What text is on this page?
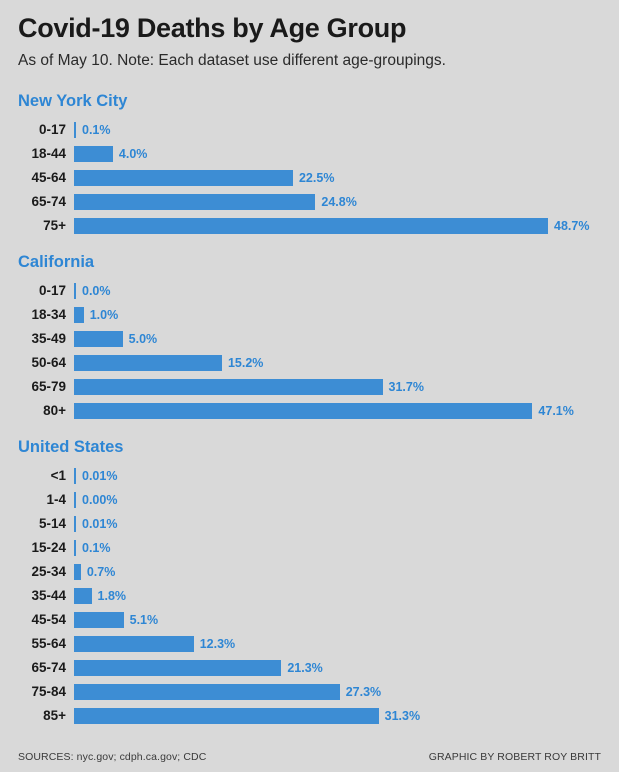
Covid-19 Deaths by Age Group

As of May 10. Note: Each dataset use different age-groupings.

New York City
0-17	0.1%
18-44	4.0%
45-64	22.5%
65-74	24.8%
75+	48.7%
California
0-17	0.0%
18-34	1.0%
35-49	5.0%
50-64	15.2%
65-79	31.7%
80+	47.1%
United States
<1	0.01%
1-4	0.00%
5-14	0.01%
15-24	0.1%
25-34	0.7%
35-44	1.8%
45-54	5.1%
55-64	12.3%
65-74	21.3%
75-84	27.3%
85+	31.3%
SOURCES: nyc.gov; cdph.ca.gov; CDC	GRAPHIC BY ROBERT ROY BRITT
